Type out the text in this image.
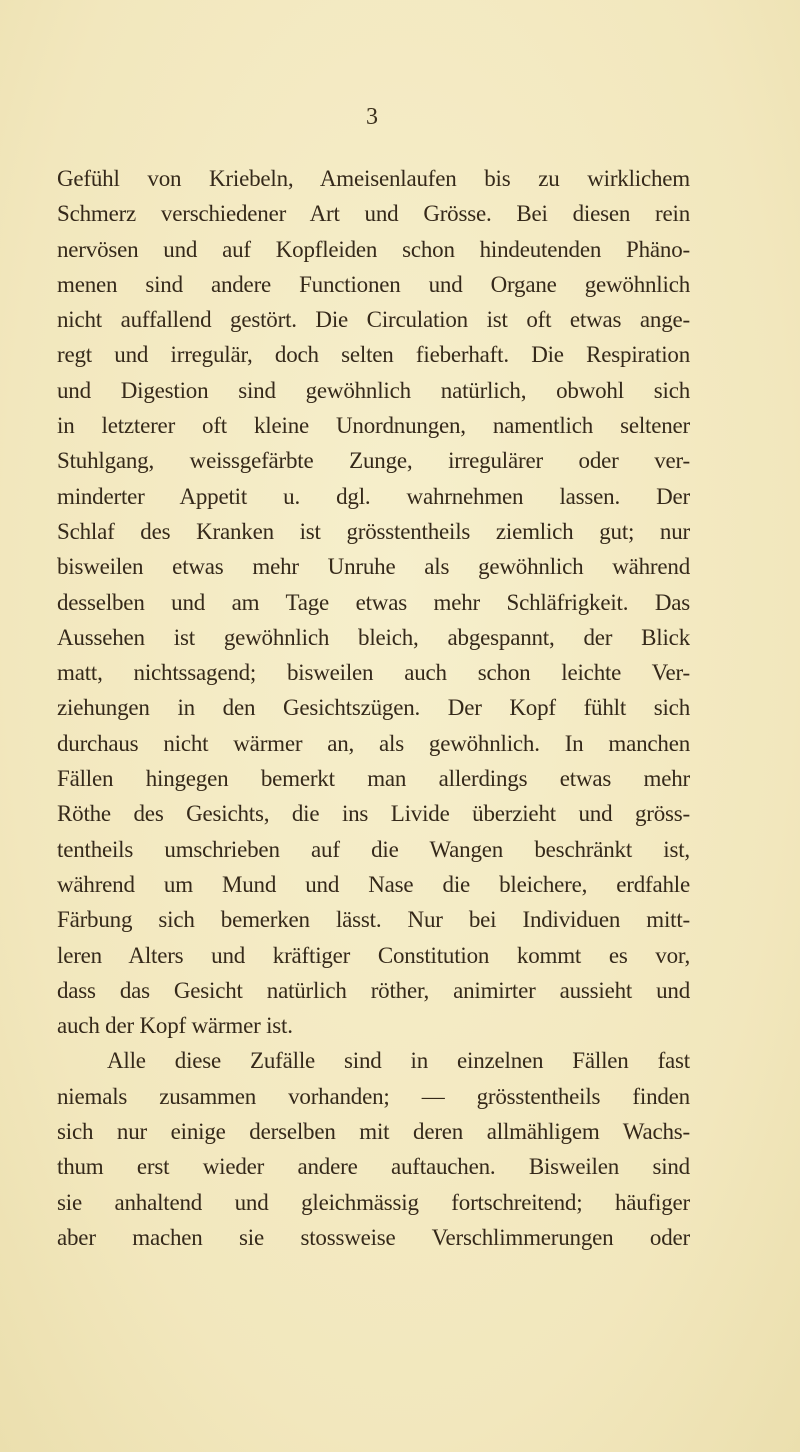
3
Gefühl von Kriebeln, Ameisenlaufen bis zu wirklichem
Schmerz verschiedener Art und Grösse. Bei diesen rein
nervösen und auf Kopfleiden schon hindeutenden Phäno-
menen sind andere Functionen und Organe gewöhnlich
nicht auffallend gestört. Die Circulation ist oft etwas ange-
regt und irregulär, doch selten fieberhaft. Die Respiration
und Digestion sind gewöhnlich natürlich, obwohl sich
in letzterer oft kleine Unordnungen, namentlich seltener
Stuhlgang, weissgefärbte Zunge, irregulärer oder ver-
minderter Appetit u. dgl. wahrnehmen lassen. Der
Schlaf des Kranken ist grösstentheils ziemlich gut; nur
bisweilen etwas mehr Unruhe als gewöhnlich während
desselben und am Tage etwas mehr Schläfrigkeit. Das
Aussehen ist gewöhnlich bleich, abgespannt, der Blick
matt, nichtssagend; bisweilen auch schon leichte Ver-
ziehungen in den Gesichtszügen. Der Kopf fühlt sich
durchaus nicht wärmer an, als gewöhnlich. In manchen
Fällen hingegen bemerkt man allerdings etwas mehr
Röthe des Gesichts, die ins Livide überzieht und gröss-
tentheils umschrieben auf die Wangen beschränkt ist,
während um Mund und Nase die bleichere, erdfahle
Färbung sich bemerken lässt. Nur bei Individuen mitt-
leren Alters und kräftiger Constitution kommt es vor,
dass das Gesicht natürlich röther, animirter aussieht und
auch der Kopf wärmer ist.
Alle diese Zufälle sind in einzelnen Fällen fast
niemals zusammen vorhanden; — grösstentheils finden
sich nur einige derselben mit deren allmähligem Wachs-
thum erst wieder andere auftauchen. Bisweilen sind
sie anhaltend und gleichmässig fortschreitend; häufiger
aber machen sie stossweise Verschlimmerungen oder
